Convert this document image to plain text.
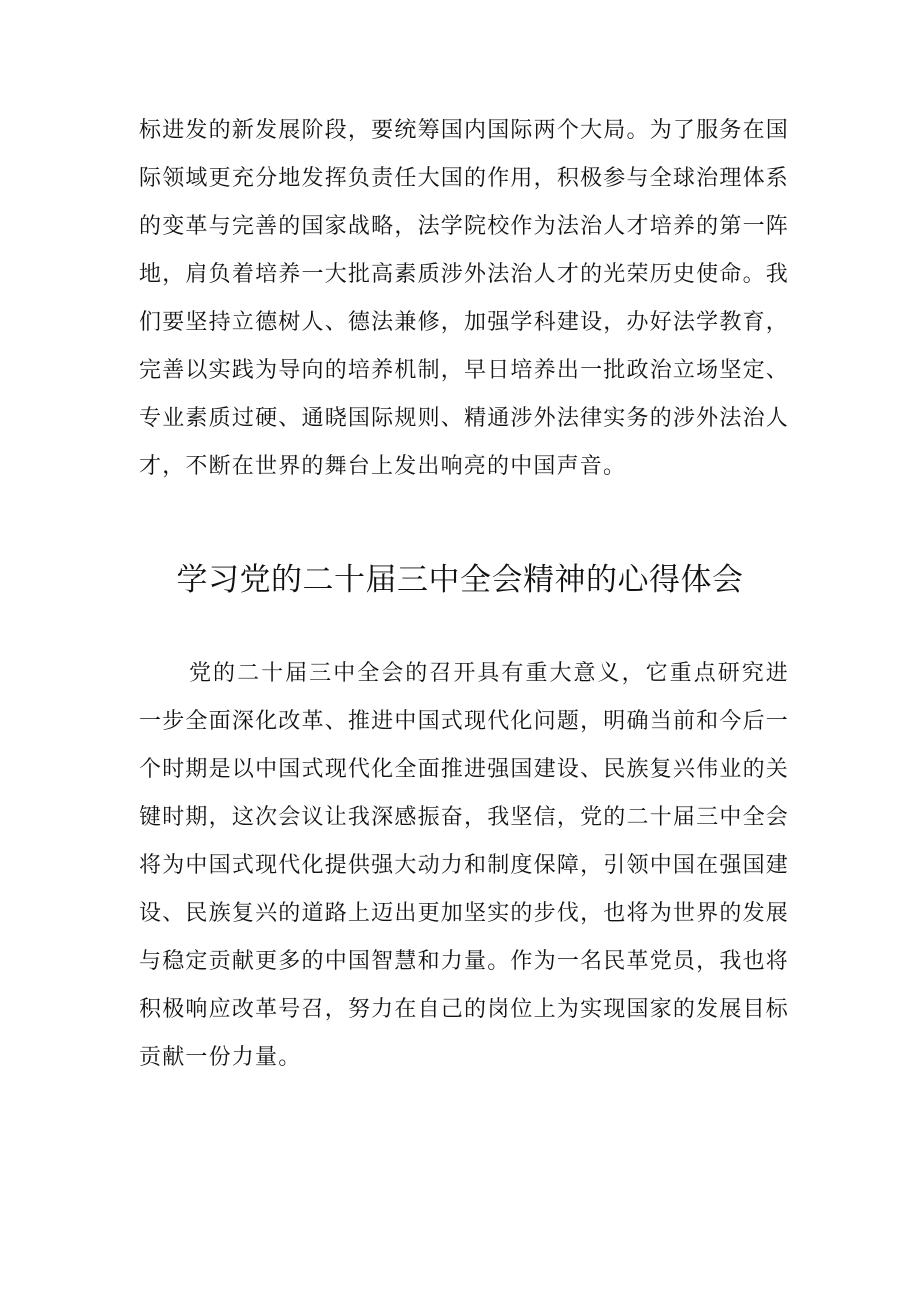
标进发的新发展阶段，要统筹国内国际两个大局。为了服务在国际领域更充分地发挥负责任大国的作用，积极参与全球治理体系的变革与完善的国家战略，法学院校作为法治人才培养的第一阵地，肩负着培养一大批高素质涉外法治人才的光荣历史使命。我们要坚持立德树人、德法兼修，加强学科建设，办好法学教育，完善以实践为导向的培养机制，早日培养出一批政治立场坚定、专业素质过硬、通晓国际规则、精通涉外法律实务的涉外法治人才，不断在世界的舞台上发出响亮的中国声音。

学习党的二十届三中全会精神的心得体会

党的二十届三中全会的召开具有重大意义，它重点研究进一步全面深化改革、推进中国式现代化问题，明确当前和今后一个时期是以中国式现代化全面推进强国建设、民族复兴伟业的关键时期，这次会议让我深感振奋，我坚信，党的二十届三中全会将为中国式现代化提供强大动力和制度保障，引领中国在强国建设、民族复兴的道路上迈出更加坚实的步伐，也将为世界的发展与稳定贡献更多的中国智慧和力量。作为一名民革党员，我也将积极响应改革号召，努力在自己的岗位上为实现国家的发展目标贡献一份力量。
